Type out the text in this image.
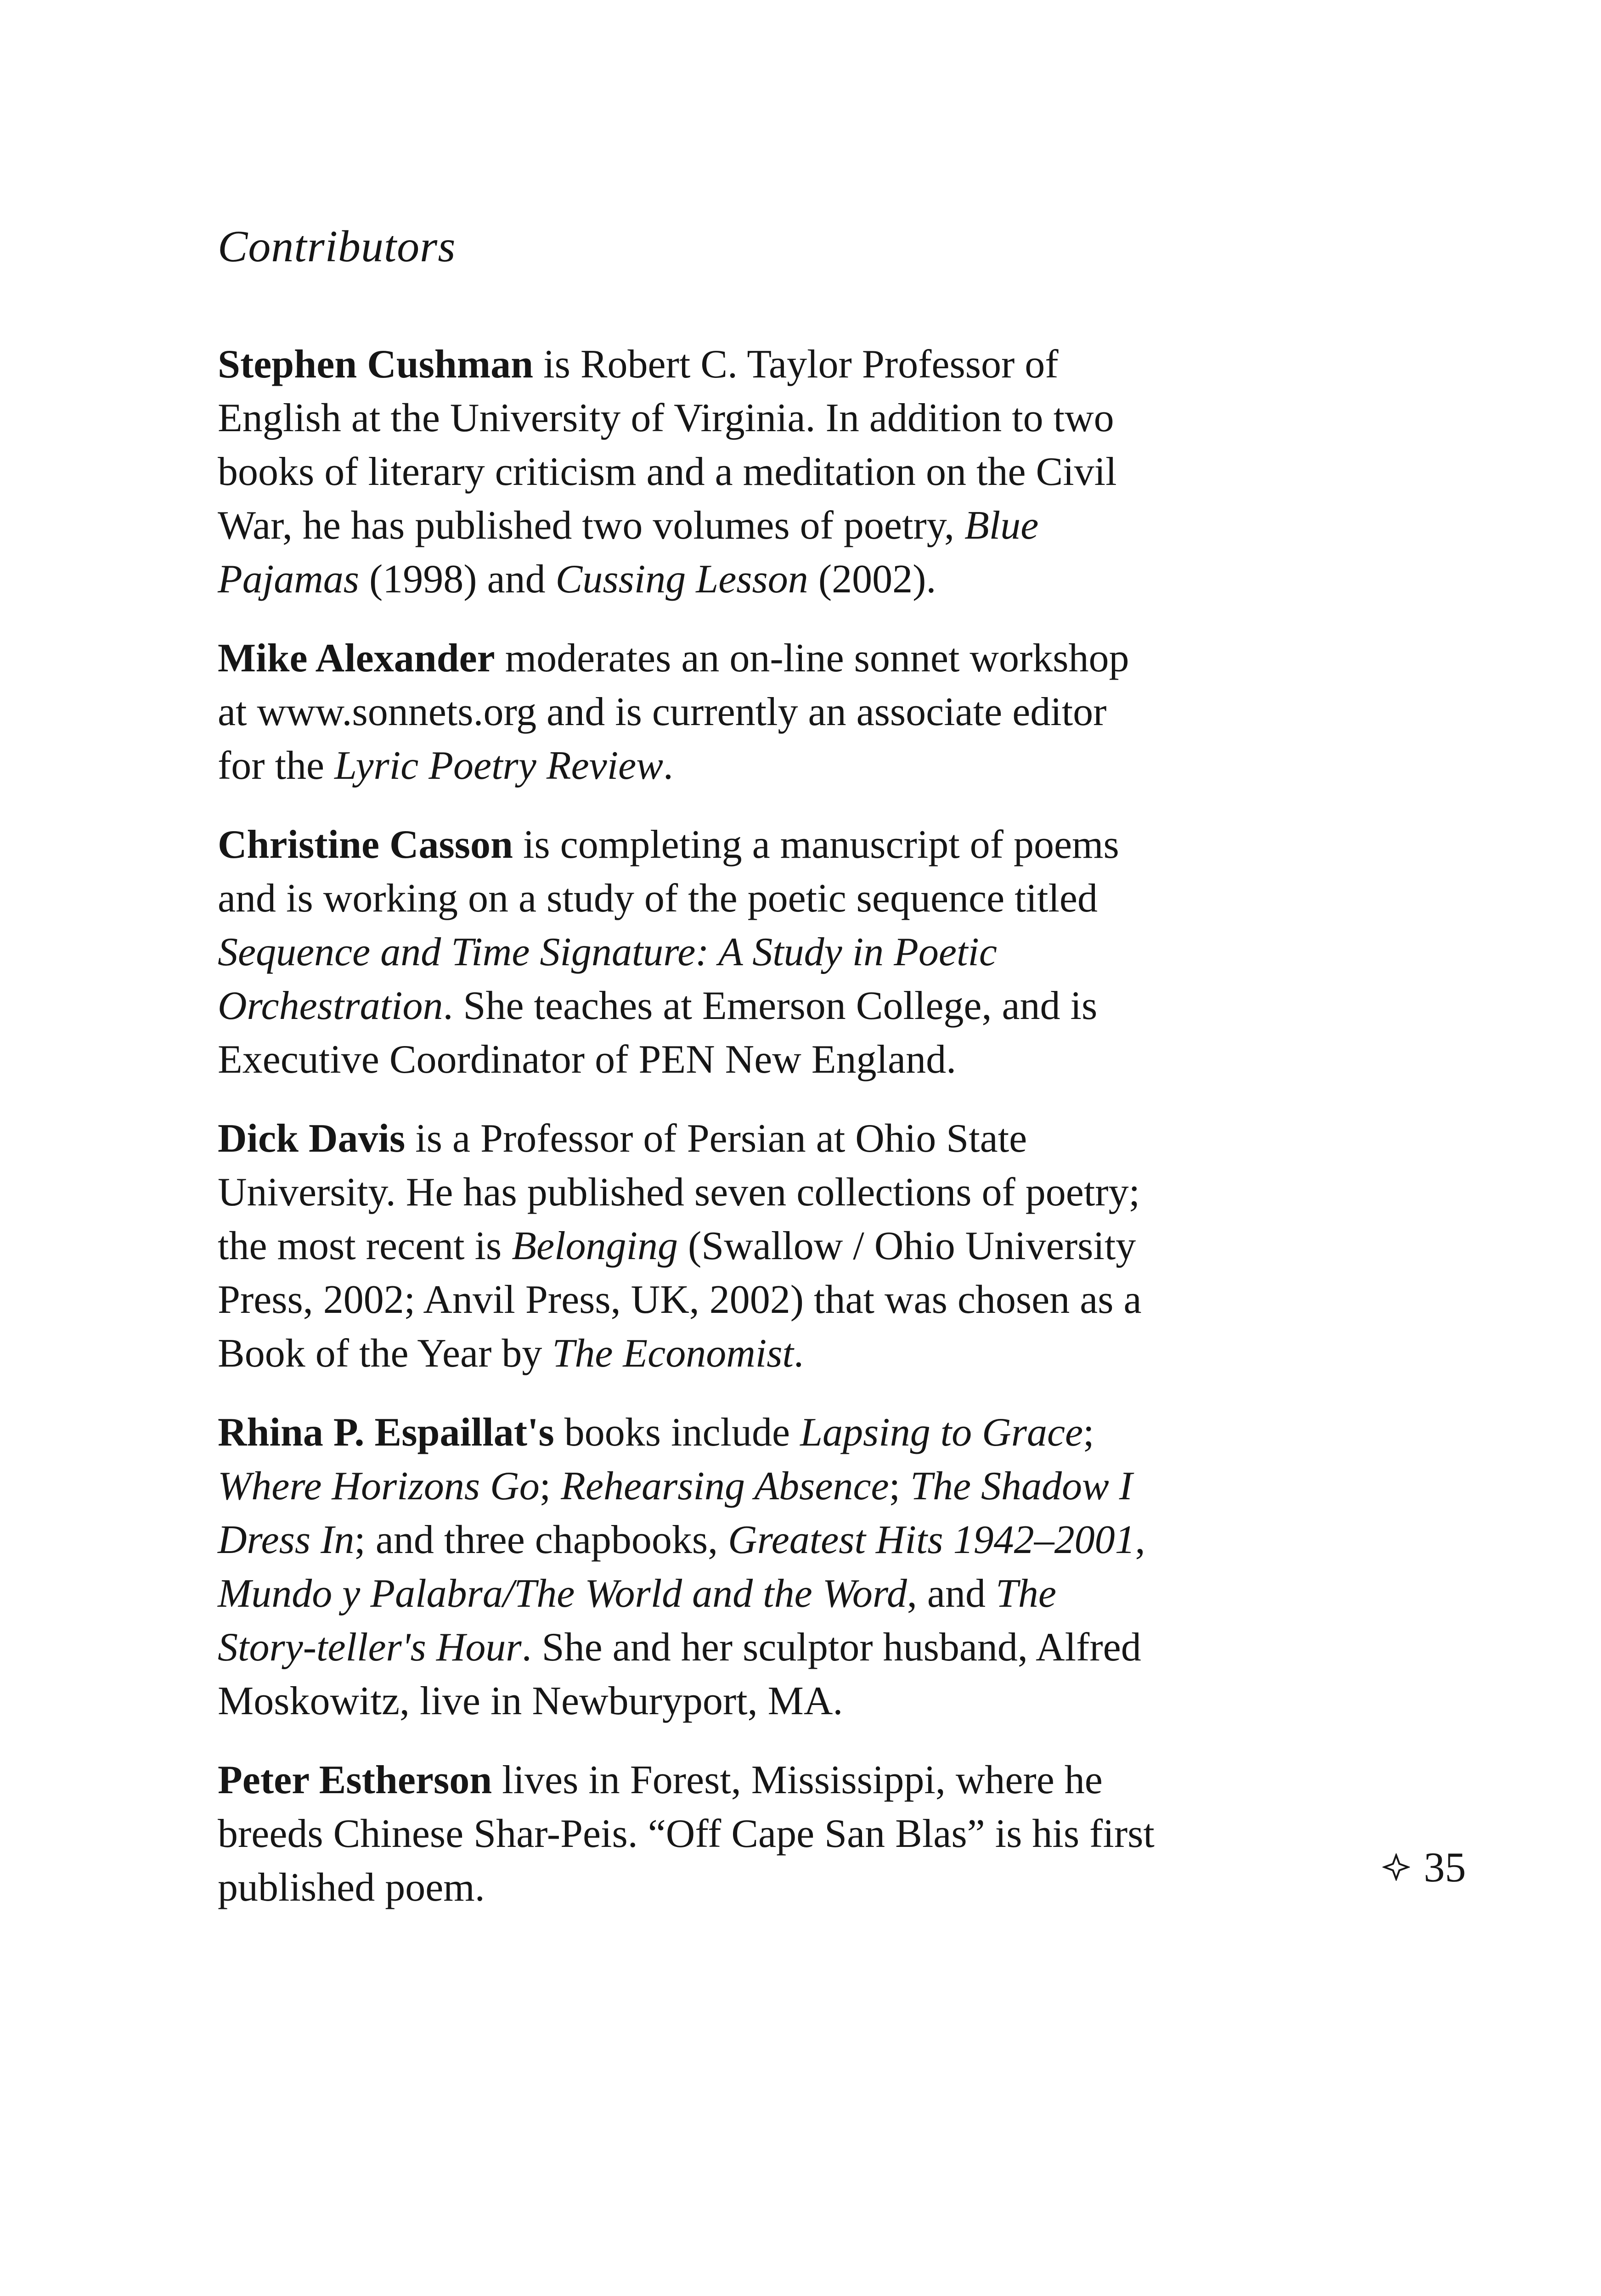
Contributors

Stephen Cushman is Robert C. Taylor Professor of English at the University of Virginia. In addition to two books of literary criticism and a meditation on the Civil War, he has published two volumes of poetry, Blue Pajamas (1998) and Cussing Lesson (2002).

Mike Alexander moderates an on-line sonnet workshop at www.sonnets.org and is currently an associate editor for the Lyric Poetry Review.

Christine Casson is completing a manuscript of poems and is working on a study of the poetic sequence titled Sequence and Time Signature: A Study in Poetic Orchestration. She teaches at Emerson College, and is Executive Coordinator of PEN New England.

Dick Davis is a Professor of Persian at Ohio State University. He has published seven collections of poetry; the most recent is Belonging (Swallow / Ohio University Press, 2002; Anvil Press, UK, 2002) that was chosen as a Book of the Year by The Economist.

Rhina P. Espaillat's books include Lapsing to Grace; Where Horizons Go; Rehearsing Absence; The Shadow I Dress In; and three chapbooks, Greatest Hits 1942–2001, Mundo y Palabra/The World and the Word, and The Story-teller's Hour. She and her sculptor husband, Alfred Moskowitz, live in Newburyport, MA.

Peter Estherson lives in Forest, Mississippi, where he breeds Chinese Shar-Peis. “Off Cape San Blas” is his first published poem.	35
